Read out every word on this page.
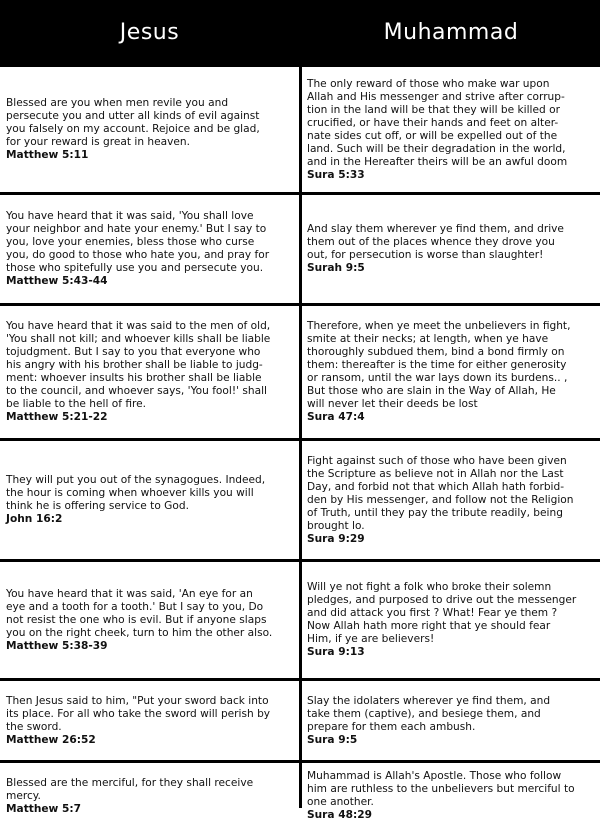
Jesus	Muhammad

Blessed are you when men revile you and
persecute you and utter all kinds of evil against
you falsely on my account. Rejoice and be glad,
for your reward is great in heaven.

Matthew 5:11

The only reward of those who make war upon
Allah and His messenger and strive after corrup-
tion in the land will be that they will be killed or
crucified, or have their hands and feet on alter-
nate sides cut off, or will be expelled out of the
land. Such will be their degradation in the world,
and in the Hereafter theirs will be an awful doom

Sura 5:33

You have heard that it was said, 'You shall love
your neighbor and hate your enemy.' But I say to
you, love your enemies, bless those who curse
you, do good to those who hate you, and pray for
those who spitefully use you and persecute you.

Matthew 5:43-44

And slay them wherever ye find them, and drive
them out of the places whence they drove you
out, for persecution is worse than slaughter!

Surah 9:5

You have heard that it was said to the men of old,
'You shall not kill; and whoever kills shall be liable
tojudgment. But I say to you that everyone who
his angry with his brother shall be liable to judg-
ment: whoever insults his brother shall be liable
to the council, and whoever says, 'You fool!' shall
be liable to the hell of fire.

Matthew 5:21-22

Therefore, when ye meet the unbelievers in fight,
smite at their necks; at length, when ye have
thoroughly subdued them, bind a bond firmly on
them: thereafter is the time for either generosity
or ransom, until the war lays down its burdens.. ,
But those who are slain in the Way of Allah, He
will never let their deeds be lost

Sura 47:4

They will put you out of the synagogues. Indeed,
the hour is coming when whoever kills you will
think he is offering service to God.

John 16:2

Fight against such of those who have been given
the Scripture as believe not in Allah nor the Last
Day, and forbid not that which Allah hath forbid-
den by His messenger, and follow not the Religion
of Truth, until they pay the tribute readily, being
brought lo.

Sura 9:29

You have heard that it was said, 'An eye for an
eye and a tooth for a tooth.' But I say to you, Do
not resist the one who is evil. But if anyone slaps
you on the right cheek, turn to him the other also.

Matthew 5:38-39

Will ye not fight a folk who broke their solemn
pledges, and purposed to drive out the messenger
and did attack you first ? What! Fear ye them ?
Now Allah hath more right that ye should fear
Him, if ye are believers!

Sura 9:13

Then Jesus said to him, "Put your sword back into
its place. For all who take the sword will perish by
the sword.

Matthew 26:52

Slay the idolaters wherever ye find them, and
take them (captive), and besiege them, and
prepare for them each ambush.

Sura 9:5

Blessed are the merciful, for they shall receive
mercy.

Matthew 5:7

Muhammad is Allah's Apostle. Those who follow
him are ruthless to the unbelievers but merciful to
one another.

Sura 48:29
